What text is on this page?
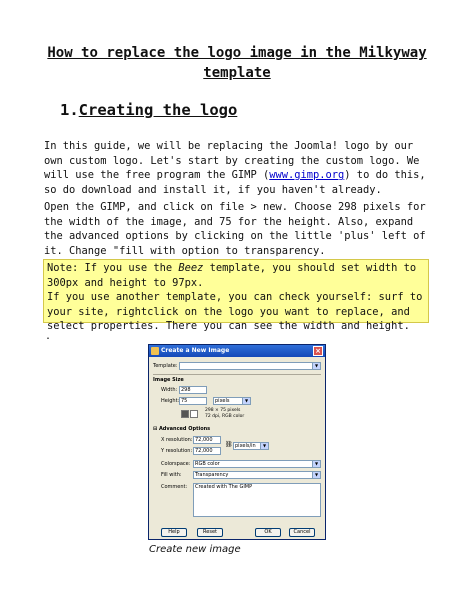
How to replace the logo image in the Milkyway template
1.Creating the logo

In this guide, we will be replacing the Joomla! logo by our own custom logo. Let's start by creating the custom logo. We will use the free program the GIMP (www.gimp.org) to do this, so do download and install it, if you haven't already.

Open the GIMP, and click on file > new. Choose 298 pixels for the width of the image, and 75 for the height. Also, expand the advanced options by clicking on the little 'plus' left of it. Change "fill with option to transparency.

Note: If you use the Beez template, you should set width to 300px and height to 97px.
If you use another template, you can check yourself: surf to your site, rightclick on the logo you want to replace, and select properties. There you can see the width and height.
.
Create a New Image	×
Template:	▼
Image Size
Width: 298
Height: 75	pixels	▼
298 × 75 pixels
72 dpi, RGB color
⊟ Advanced Options
X resolution: 72,000
Y resolution: 72,000
⛓ pixels/in	▼
Colorspace: RGB color	▼
Fill with:	Transparency	▼
Comment:	Created with The GIMP
Help	Reset	OK	Cancel
Create new image
